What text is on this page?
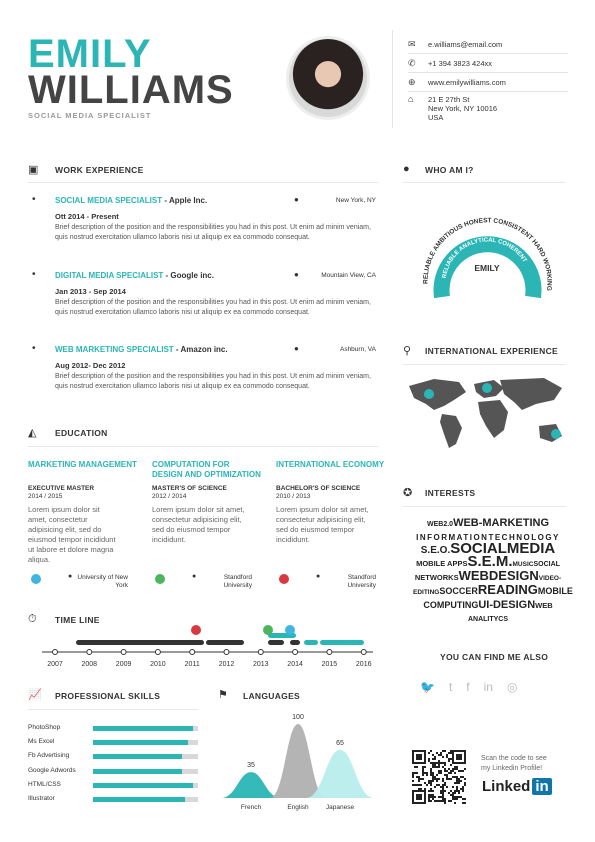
EMILY
WILLIAMS
SOCIAL MEDIA SPECIALIST
✉	e.williams@email.com
✆	+1 394 3823 424xx
⊕	www.emilywilliams.com
⌂	21 E 27th St
New York, NY 10016
USA
▣ WORK EXPERIENCE
• SOCIAL MEDIA SPECIALIST - Apple Inc.	●	New York, NY
Ott 2014 - Present
Brief description of the position and the responsibilities you had in this post. Ut enim ad minim veniam, quis nostrud exercitation ullamco laboris nisi ut aliquip ex ea commodo consequat.
• DIGITAL MEDIA SPECIALIST - Google inc.	●	Mountain View, CA
Jan 2013 - Sep 2014
Brief description of the position and the responsibilities you had in this post. Ut enim ad minim veniam, quis nostrud exercitation ullamco laboris nisi ut aliquip ex ea commodo consequat.
• WEB MARKETING SPECIALIST - Amazon inc.	●	Ashburn, VA
Aug 2012- Dec 2012
Brief description of the position and the responsibilities you had in this post. Ut enim ad minim veniam, quis nostrud exercitation ullamco laboris nisi ut aliquip ex ea commodo consequat.
◭ EDUCATION
MARKETING MANAGEMENT
EXECUTIVE MASTER
2014 / 2015
Lorem ipsum dolor sit amet, consectetur adipisicing elit, sed do eiusmod tempor incididunt ut labore et dolore magna aliqua.
● University of New York
COMPUTATION FOR DESIGN AND OPTIMIZATION
MASTER'S OF SCIENCE
2012 / 2014
Lorem ipsum dolor sit amet, consectetur adipisicing elit, sed do eiusmod tempor incididunt.
●	Standford
University
INTERNATIONAL ECONOMY
BACHELOR'S OF SCIENCE
2010 / 2013
Lorem ipsum dolor sit amet, consectetur adipisicing elit, sed do eiusmod tempor incididunt.
●	Standford
University
⏱ TIME LINE
2007	2008	2009	2010	2011	2012	2013	2014	2015	2016
📈 PROFESSIONAL SKILLS
PhotoShop
Ms Excel
Fb Advertising
Google Adwords
HTML/CSS
Illustrator
⚑ LANGUAGES
35
French
100
English
65
Japanese
● WHO AM I?
RELIABLE AMBITIOUS HONEST CONSISTENT HARD WORKING
RELIABLE ANALYTICAL COHERENT
EMILY
⚲ INTERNATIONAL EXPERIENCE
✪ INTERESTS
WEB2.0WEB-MARKETING
INFORMATIONTECHNOLOGY
S.E.O.SOCIALMEDIA
MOBILE APPSS.E.M.MUSICSOCIAL
NETWORKSWEBDESIGNVIDEO-
EDITINGSOCCERREADINGMOBILE
COMPUTINGUI-DESIGNWEB
ANALITYCS
YOU CAN FIND ME ALSO
🐦 t f in ◎
Scan the code to see
my Linkedin Profile!
Linked in
